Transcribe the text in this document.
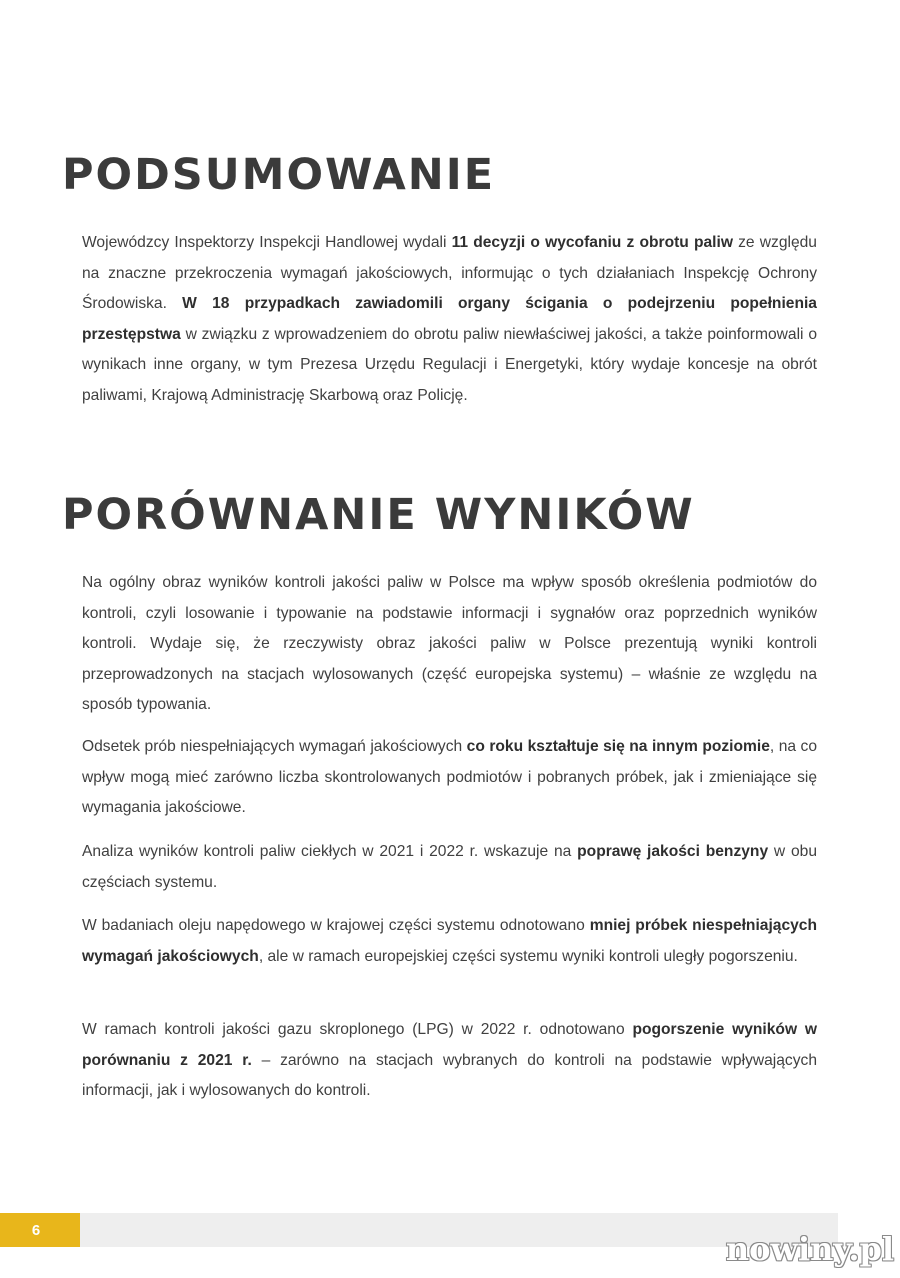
PODSUMOWANIE

Wojewódzcy Inspektorzy Inspekcji Handlowej wydali 11 decyzji o wycofaniu z obrotu paliw ze względu na znaczne przekroczenia wymagań jakościowych, informując o tych działaniach Inspekcję Ochrony Środowiska. W 18 przypadkach zawiadomili organy ścigania o podejrzeniu popełnienia przestępstwa w związku z wprowadzeniem do obrotu paliw niewłaściwej jakości, a także poinformowali o wynikach inne organy, w tym Prezesa Urzędu Regulacji i Energetyki, który wydaje koncesje na obrót paliwami, Krajową Administrację Skarbową oraz Policję.

PORÓWNANIE WYNIKÓW

Na ogólny obraz wyników kontroli jakości paliw w Polsce ma wpływ sposób określenia podmiotów do kontroli, czyli losowanie i typowanie na podstawie informacji i sygnałów oraz poprzednich wyników kontroli. Wydaje się, że rzeczywisty obraz jakości paliw w Polsce prezentują wyniki kontroli przeprowadzonych na stacjach wylosowanych (część europejska systemu) – właśnie ze względu na sposób typowania.

Odsetek prób niespełniających wymagań jakościowych co roku kształtuje się na innym poziomie, na co wpływ mogą mieć zarówno liczba skontrolowanych podmiotów i pobranych próbek, jak i zmieniające się wymagania jakościowe.

Analiza wyników kontroli paliw ciekłych w 2021 i 2022 r. wskazuje na poprawę jakości benzyny w obu częściach systemu.

W badaniach oleju napędowego w krajowej części systemu odnotowano mniej próbek niespełniających wymagań jakościowych, ale w ramach europejskiej części systemu wyniki kontroli uległy pogorszeniu.

W ramach kontroli jakości gazu skroplonego (LPG) w 2022 r. odnotowano pogorszenie wyników w porównaniu z 2021 r. – zarówno na stacjach wybranych do kontroli na podstawie wpływających informacji, jak i wylosowanych do kontroli.

6	nowiny.pl
